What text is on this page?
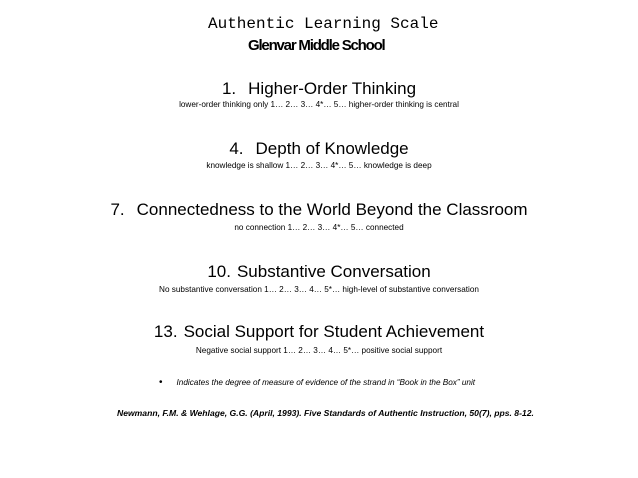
Authentic Learning Scale
Glenvar Middle School
1. Higher-Order Thinking
lower-order thinking only 1… 2… 3… 4*… 5… higher-order thinking is central
4. Depth of Knowledge
knowledge is shallow 1… 2… 3… 4*… 5… knowledge is deep
7. Connectedness to the World Beyond the Classroom
no connection 1… 2… 3… 4*… 5… connected
10. Substantive Conversation
No substantive conversation 1… 2… 3… 4… 5*… high-level of substantive conversation
13. Social Support for Student Achievement
Negative social support 1… 2… 3… 4… 5*… positive social support
• Indicates the degree of measure of evidence of the strand in “Book in the Box” unit
Newmann, F.M. & Wehlage, G.G. (April, 1993). Five Standards of Authentic Instruction, 50(7), pps. 8-12.
